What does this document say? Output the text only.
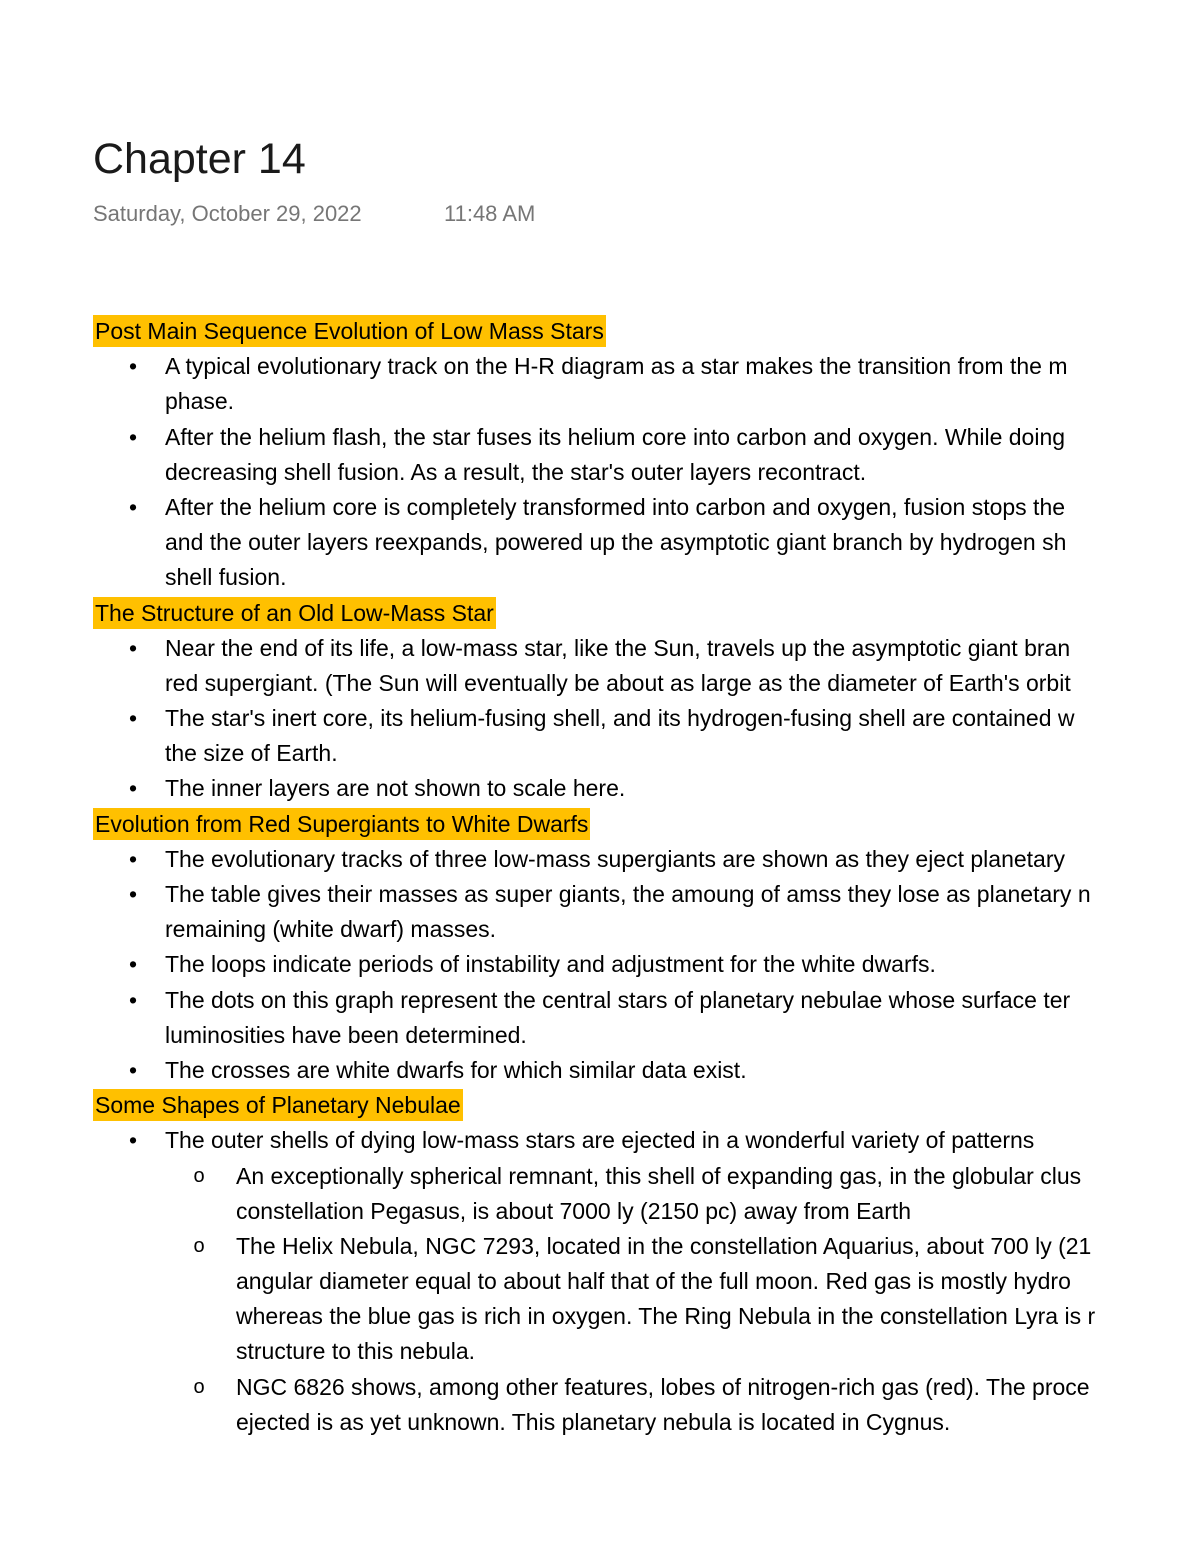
Chapter 14
Saturday, October 29, 2022	11:48 AM
Post Main Sequence Evolution of Low Mass Stars
• A typical evolutionary track on the H-R diagram as a star makes the transition from the m
phase.
• After the helium flash, the star fuses its helium core into carbon and oxygen. While doing
decreasing shell fusion. As a result, the star's outer layers recontract.
• After the helium core is completely transformed into carbon and oxygen, fusion stops the
and the outer layers reexpands, powered up the asymptotic giant branch by hydrogen sh
shell fusion.
The Structure of an Old Low-Mass Star
• Near the end of its life, a low-mass star, like the Sun, travels up the asymptotic giant bran
red supergiant. (The Sun will eventually be about as large as the diameter of Earth's orbit
• The star's inert core, its helium-fusing shell, and its hydrogen-fusing shell are contained w
the size of Earth.
• The inner layers are not shown to scale here.
Evolution from Red Supergiants to White Dwarfs
• The evolutionary tracks of three low-mass supergiants are shown as they eject planetary
• The table gives their masses as super giants, the amoung of amss they lose as planetary n
remaining (white dwarf) masses.
• The loops indicate periods of instability and adjustment for the white dwarfs.
• The dots on this graph represent the central stars of planetary nebulae whose surface ter
luminosities have been determined.
• The crosses are white dwarfs for which similar data exist.
Some Shapes of Planetary Nebulae
• The outer shells of dying low-mass stars are ejected in a wonderful variety of patterns
o An exceptionally spherical remnant, this shell of expanding gas, in the globular clus
constellation Pegasus, is about 7000 ly (2150 pc) away from Earth
o The Helix Nebula, NGC 7293, located in the constellation Aquarius, about 700 ly (21
angular diameter equal to about half that of the full moon. Red gas is mostly hydro
whereas the blue gas is rich in oxygen. The Ring Nebula in the constellation Lyra is r
structure to this nebula.
o NGC 6826 shows, among other features, lobes of nitrogen-rich gas (red). The proce
ejected is as yet unknown. This planetary nebula is located in Cygnus.
